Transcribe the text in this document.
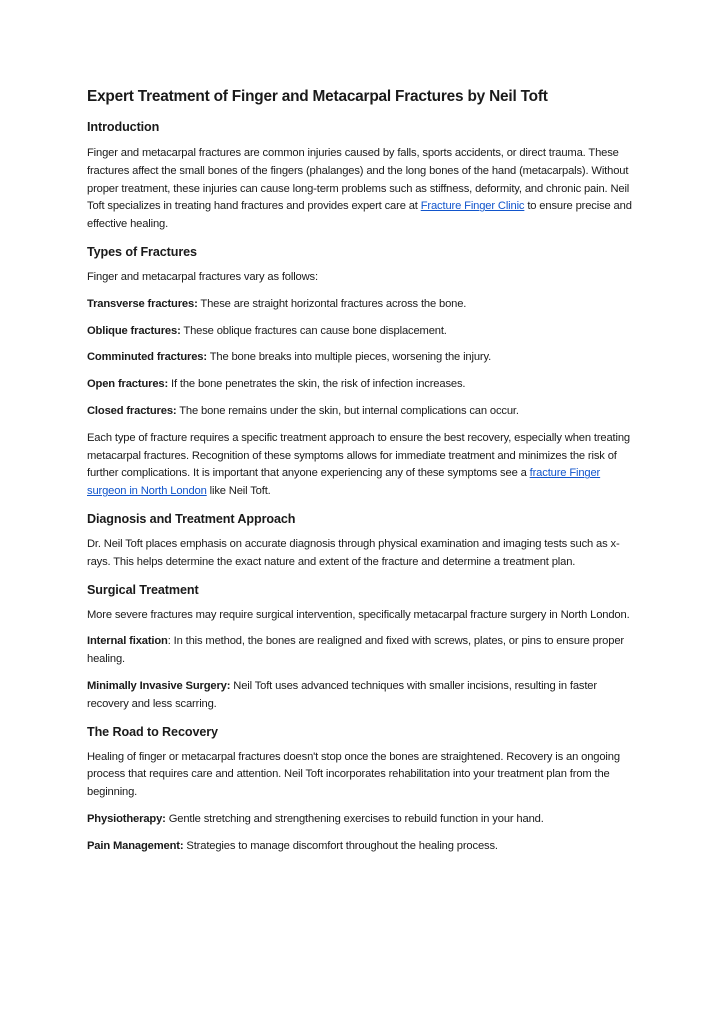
Expert Treatment of Finger and Metacarpal Fractures by Neil Toft
Introduction

Finger and metacarpal fractures are common injuries caused by falls, sports accidents, or direct trauma. These fractures affect the small bones of the fingers (phalanges) and the long bones of the hand (metacarpals). Without proper treatment, these injuries can cause long-term problems such as stiffness, deformity, and chronic pain. Neil Toft specializes in treating hand fractures and provides expert care at Fracture Finger Clinic to ensure precise and effective healing.

Types of Fractures

Finger and metacarpal fractures vary as follows:

Transverse fractures: These are straight horizontal fractures across the bone.

Oblique fractures: These oblique fractures can cause bone displacement.

Comminuted fractures: The bone breaks into multiple pieces, worsening the injury.

Open fractures: If the bone penetrates the skin, the risk of infection increases.

Closed fractures: The bone remains under the skin, but internal complications can occur.

Each type of fracture requires a specific treatment approach to ensure the best recovery, especially when treating metacarpal fractures. Recognition of these symptoms allows for immediate treatment and minimizes the risk of further complications. It is important that anyone experiencing any of these symptoms see a fracture Finger surgeon in North London like Neil Toft.

Diagnosis and Treatment Approach

Dr. Neil Toft places emphasis on accurate diagnosis through physical examination and imaging tests such as x-rays. This helps determine the exact nature and extent of the fracture and determine a treatment plan.

Surgical Treatment

More severe fractures may require surgical intervention, specifically metacarpal fracture surgery in North London.

Internal fixation: In this method, the bones are realigned and fixed with screws, plates, or pins to ensure proper healing.

Minimally Invasive Surgery: Neil Toft uses advanced techniques with smaller incisions, resulting in faster recovery and less scarring.

The Road to Recovery

Healing of finger or metacarpal fractures doesn't stop once the bones are straightened. Recovery is an ongoing process that requires care and attention. Neil Toft incorporates rehabilitation into your treatment plan from the beginning.

Physiotherapy: Gentle stretching and strengthening exercises to rebuild function in your hand.

Pain Management: Strategies to manage discomfort throughout the healing process.
